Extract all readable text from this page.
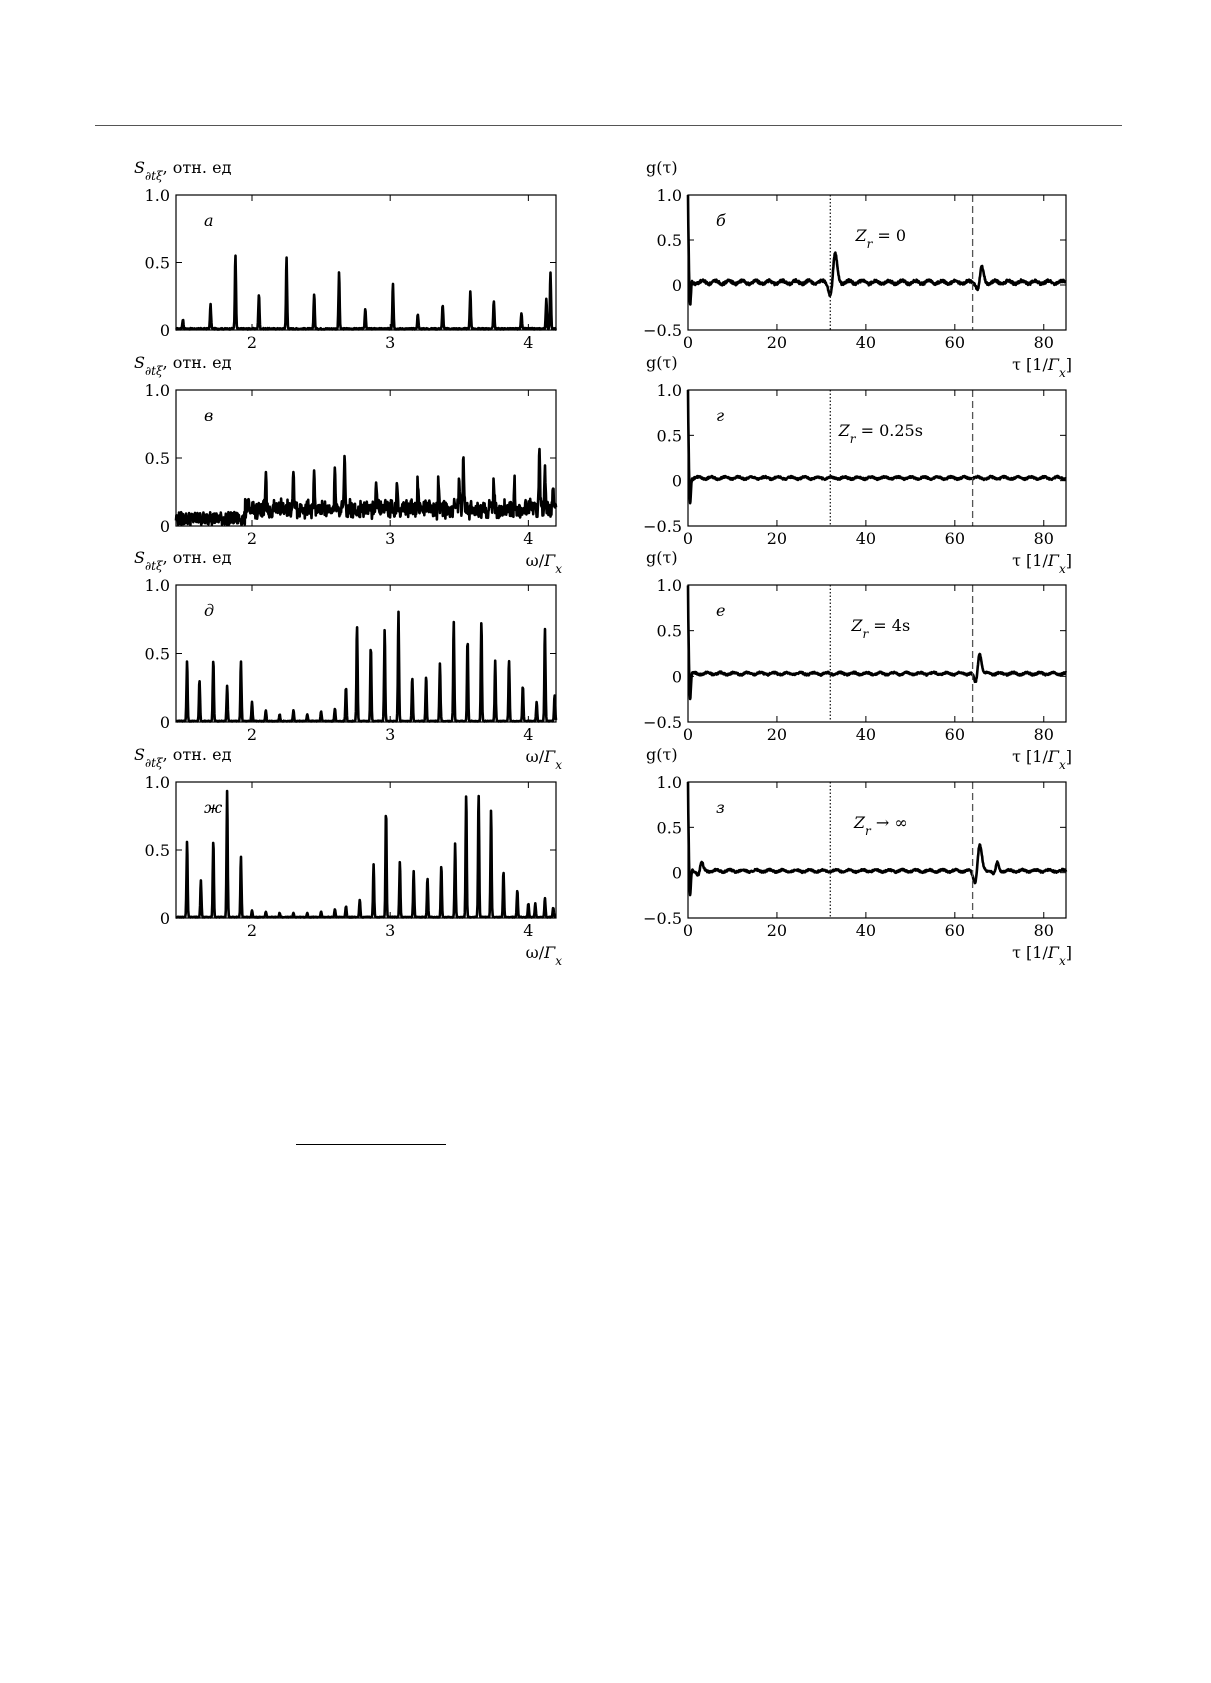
$S_{\partial t\xi}$, отн. ед
2	3	4
0
0.5
1.0
a
g(τ)
0	20	40	60	80
−0.5
0
0.5
1.0
б
$Z_r = 0$
τ $[1/\Gamma_x]$
$S_{\partial t\xi}$, отн. ед
2	3	4
0
0.5
1.0
в
$\omega/\Gamma_x$
g(τ)
0	20	40	60	80
−0.5
0
0.5
1.0
г
$Z_r = 0.25s$
τ $[1/\Gamma_x]$
$S_{\partial t\xi}$, отн. ед
2	3	4
0
0.5
1.0
д
$\omega/\Gamma_x$
g(τ)
0	20	40	60	80
−0.5
0
0.5
1.0
е
$Z_r = 4s$
τ $[1/\Gamma_x]$
$S_{\partial t\xi}$, отн. ед
2	3	4
0
0.5
1.0
ж
$\omega/\Gamma_x$
g(τ)
0	20	40	60	80
−0.5
0
0.5
1.0
з
$Z_r$ → ∞
τ $[1/\Gamma_x]$
